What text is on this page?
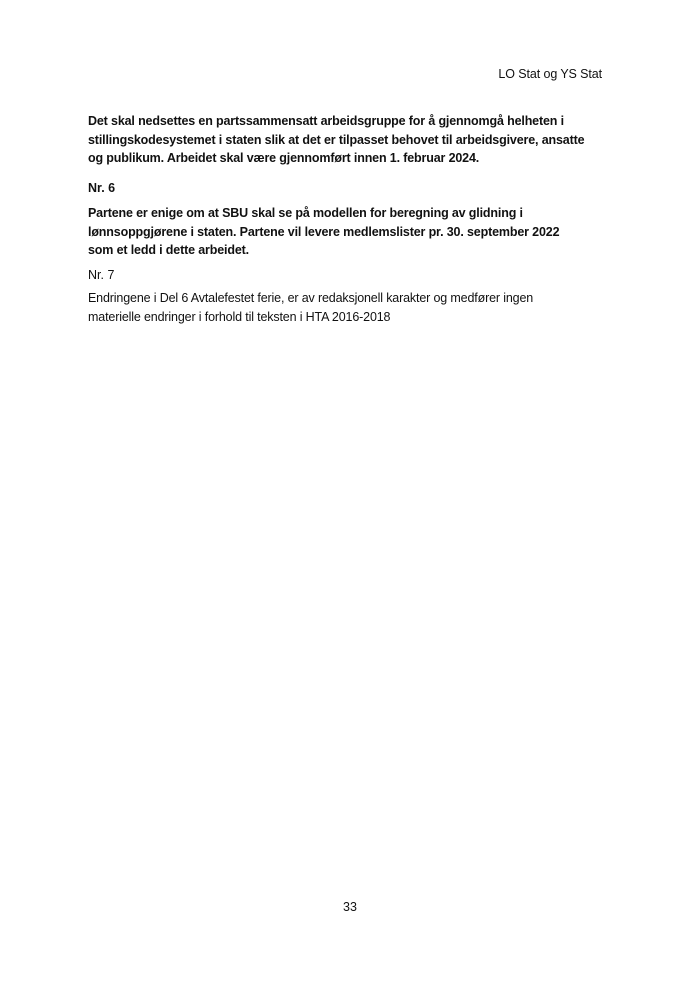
LO Stat og YS Stat

Det skal nedsettes en partssammensatt arbeidsgruppe for å gjennomgå helheten i
stillingskodesystemet i staten slik at det er tilpasset behovet til arbeidsgivere, ansatte
og publikum. Arbeidet skal være gjennomført innen 1. februar 2024.

Nr. 6

Partene er enige om at SBU skal se på modellen for beregning av glidning i
lønnsoppgjørene i staten. Partene vil levere medlemslister pr. 30. september 2022
som et ledd i dette arbeidet.

Nr. 7

Endringene i Del 6 Avtalefestet ferie, er av redaksjonell karakter og medfører ingen
materielle endringer i forhold til teksten i HTA 2016-2018

33
